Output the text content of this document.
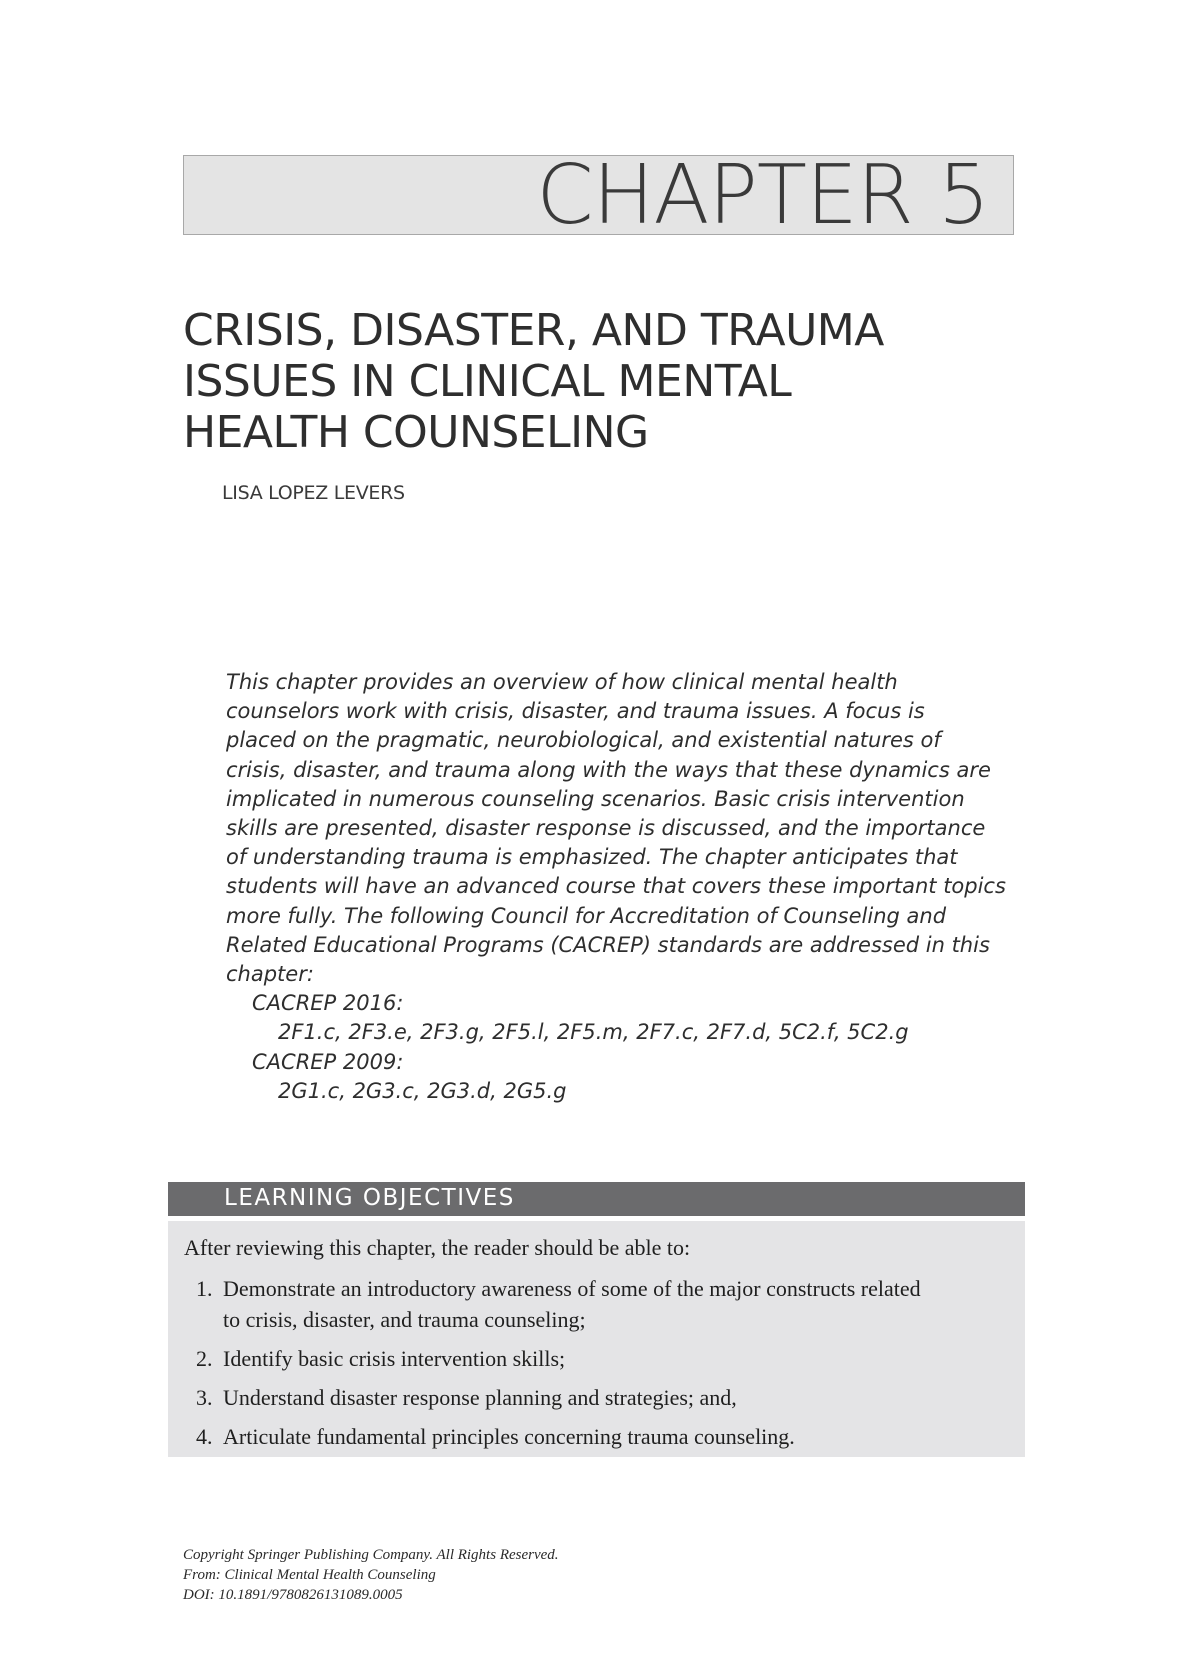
CHAPTER 5
CRISIS, DISASTER, AND TRAUMA
ISSUES IN CLINICAL MENTAL
HEALTH COUNSELING
LISA LOPEZ LEVERS

This chapter provides an overview of how clinical mental health

counselors work with crisis, disaster, and trauma issues. A focus is

placed on the pragmatic, neurobiological, and existential natures of

crisis, disaster, and trauma along with the ways that these dynamics are

implicated in numerous counseling scenarios. Basic crisis intervention

skills are presented, disaster response is discussed, and the importance

of understanding trauma is emphasized. The chapter anticipates that

students will have an advanced course that covers these important topics

more fully. The following Council for Accreditation of Counseling and

Related Educational Programs (CACREP) standards are addressed in this

chapter:

CACREP 2016:

2F1.c, 2F3.e, 2F3.g, 2F5.l, 2F5.m, 2F7.c, 2F7.d, 5C2.f, 5C2.g

CACREP 2009:

2G1.c, 2G3.c, 2G3.d, 2G5.g

LEARNING OBJECTIVES
After reviewing this chapter, the reader should be able to:
1. Demonstrate an introductory awareness of some of the major constructs related
to crisis, disaster, and trauma counseling;
2. Identify basic crisis intervention skills;
3. Understand disaster response planning and strategies; and,
4. Articulate fundamental principles concerning trauma counseling.
Copyright Springer Publishing Company. All Rights Reserved.
From: Clinical Mental Health Counseling
DOI: 10.1891/9780826131089.0005
